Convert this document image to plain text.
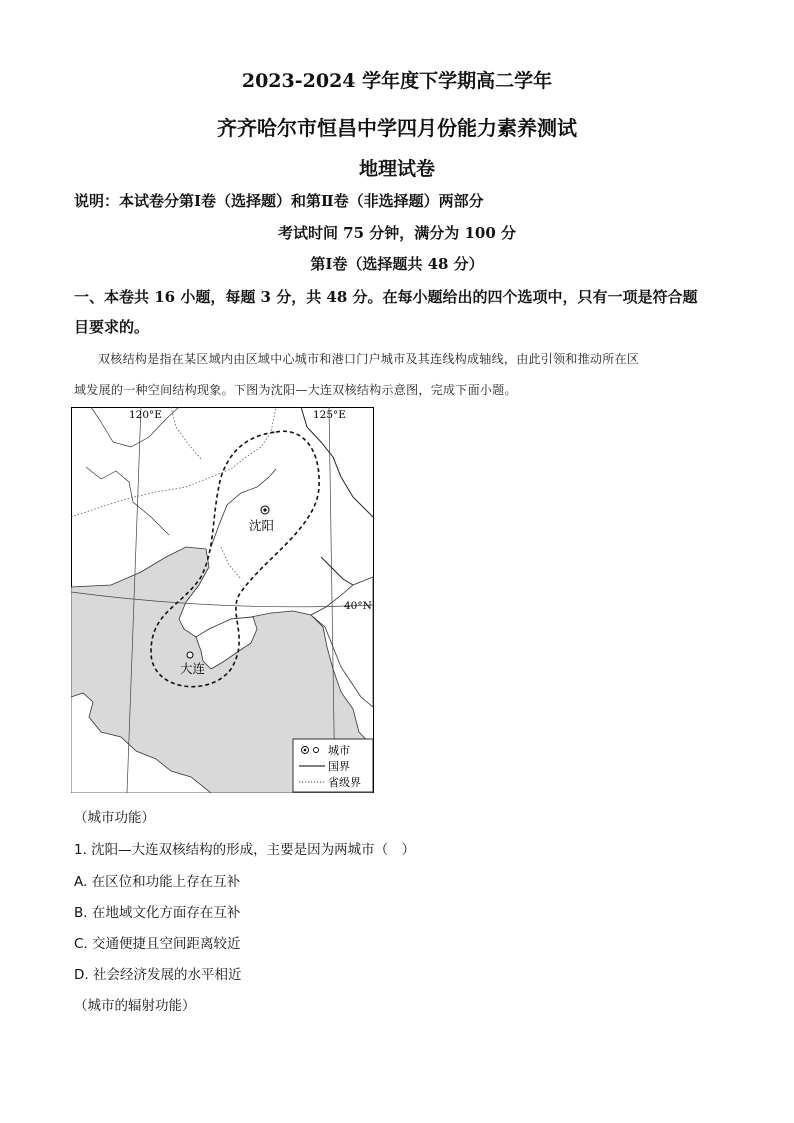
2023-2024 学年度下学期高二学年
齐齐哈尔市恒昌中学四月份能力素养测试
地理试卷
说明：本试卷分第Ⅰ卷（选择题）和第Ⅱ卷（非选择题）两部分
考试时间 75 分钟，满分为 100 分
第Ⅰ卷（选择题共 48 分）
一、本卷共 16 小题，每题 3 分，共 48 分。在每小题给出的四个选项中，只有一项是符合题
目要求的。
双核结构是指在某区域内由区域中心城市和港口门户城市及其连线构成轴线，由此引领和推动所在区
域发展的一种空间结构现象。下图为沈阳—大连双核结构示意图，完成下面小题。
沈阳
大连
120°E	125°E
40°N
城市
国界
省级界
（城市功能）
1. 沈阳—大连双核结构的形成，主要是因为两城市（　）
A. 在区位和功能上存在互补
B. 在地域文化方面存在互补
C. 交通便捷且空间距离较近
D. 社会经济发展的水平相近
（城市的辐射功能）
